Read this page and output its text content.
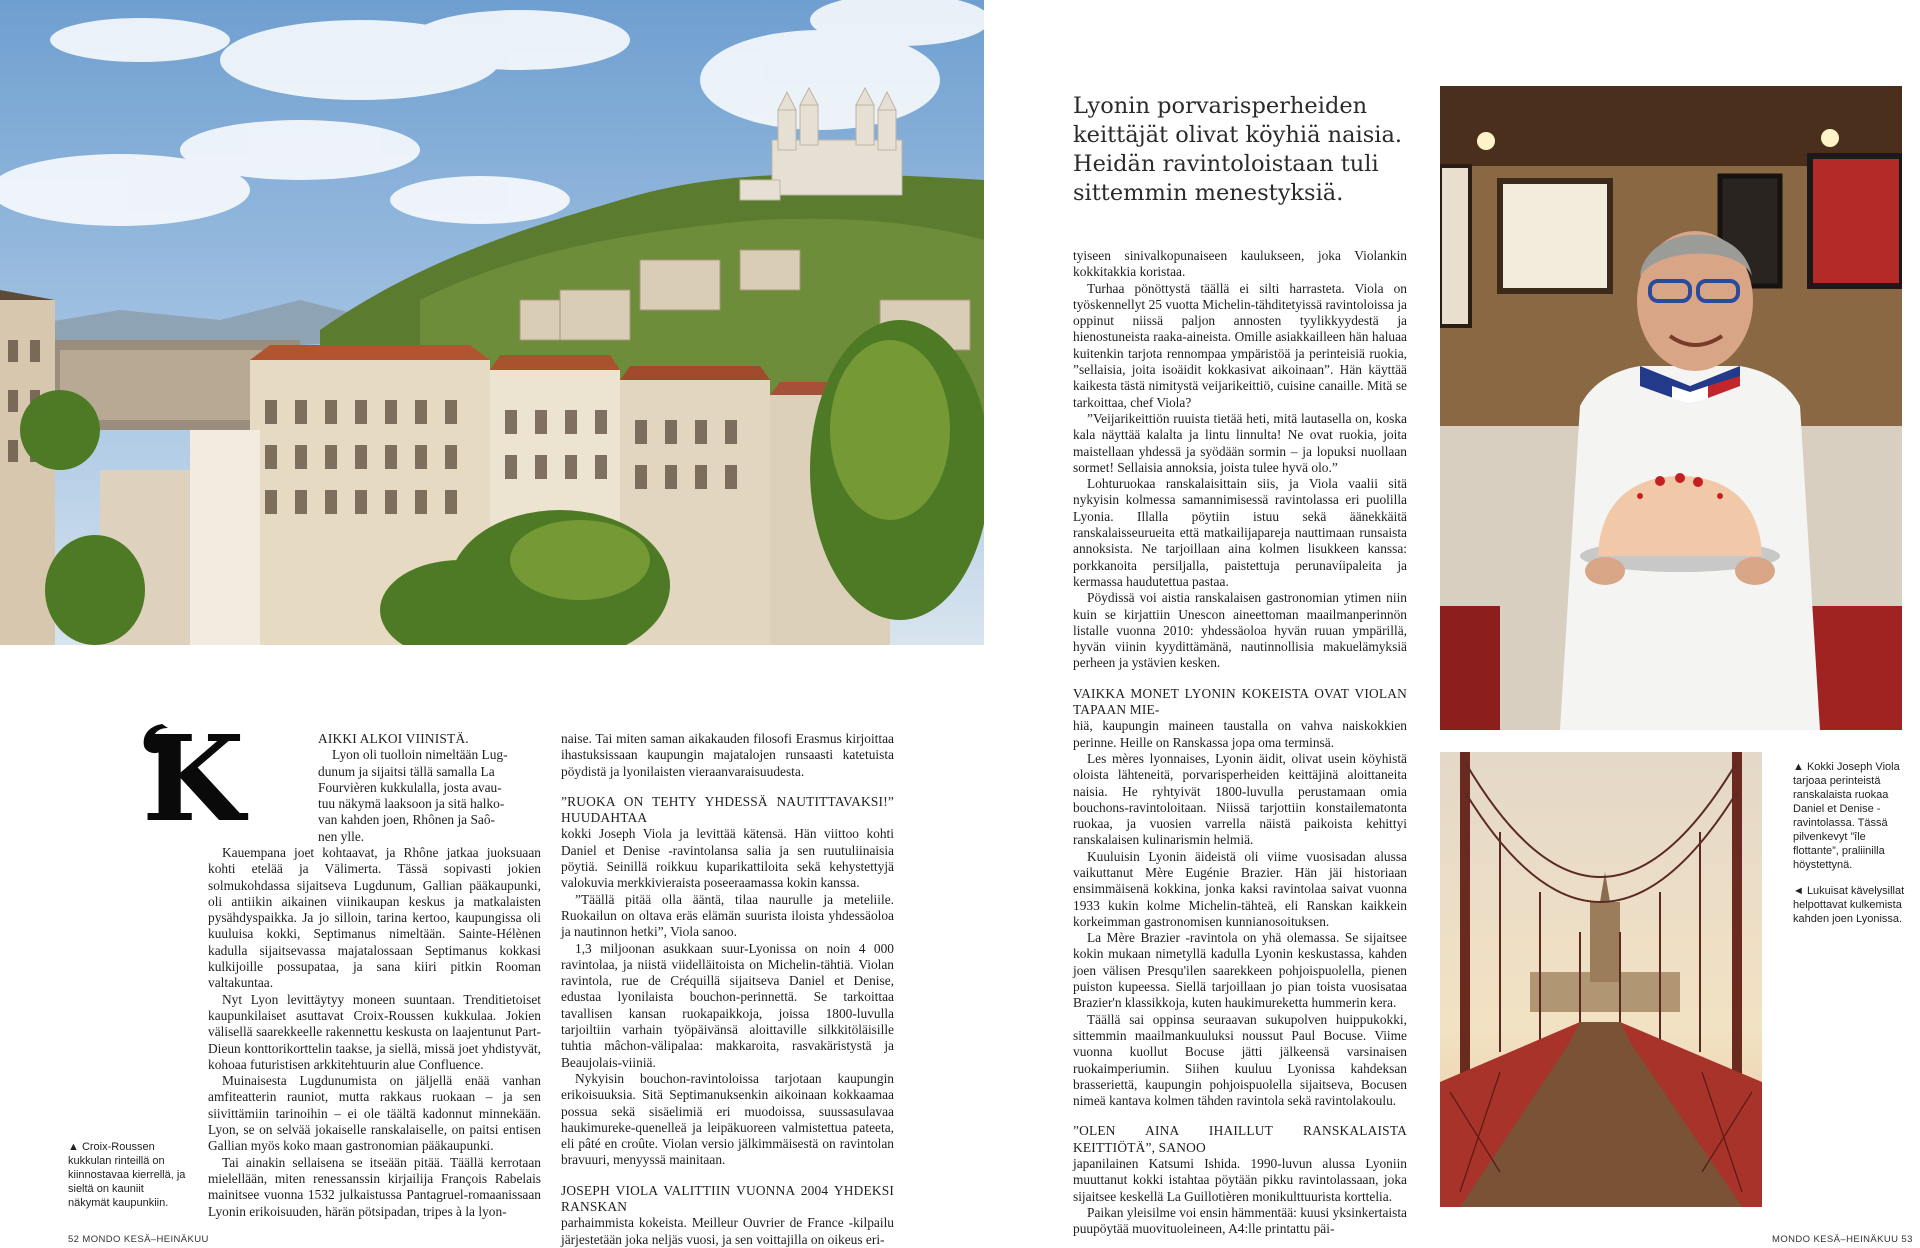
K	AIKKI ALKOI VIINISTÄ.

Lyon oli tuolloin nimeltään Lug-

dunum ja sijaitsi tällä samalla La

Fourvièren kukkulalla, josta avau-

tuu näkymä laaksoon ja sitä halko-

van kahden joen, Rhônen ja Saô-

nen ylle.

Kauempana joet kohtaavat, ja Rhône jatkaa juoksuaan kohti etelää ja Välimerta. Tässä sopivasti jokien solmukohdassa sijaitseva Lugdunum, Gallian pääkaupunki, oli antiikin aikainen viinikaupan keskus ja matkalaisten pysähdyspaikka. Ja jo silloin, tarina kertoo, kaupungissa oli kuuluisa kokki, Septimanus nimeltään. Sainte-Hélènen kadulla sijaitsevassa majatalossaan Septimanus kokkasi kulkijoille possupataa, ja sana kiiri pitkin Rooman valtakuntaa.

Nyt Lyon levittäytyy moneen suuntaan. Trenditietoiset kaupunkilaiset asuttavat Croix-Roussen kukkulaa. Jokien välisellä saarekkeelle rakennettu keskusta on laajentunut Part-Dieun konttorikorttelin taakse, ja siellä, missä joet yhdistyvät, kohoaa futuristisen arkkitehtuurin alue Confluence.

Muinaisesta Lugdunumista on jäljellä enää vanhan amfiteatterin rauniot, mutta rakkaus ruokaan – ja sen siivittämiin tarinoihin – ei ole täältä kadonnut minnekään. Lyon, se on selvää jokaiselle ranskalaiselle, on paitsi entisen Gallian myös koko maan gastronomian pääkaupunki.

Tai ainakin sellaisena se itseään pitää. Täällä kerrotaan mielellään, miten renessanssin kirjailija François Rabelais mainitsee vuonna 1532 julkaistussa Pantagruel-romaanissaan Lyonin erikoisuuden, härän pötsipadan, tripes à la lyon-

naise. Tai miten saman aikakauden filosofi Erasmus kirjoittaa ihastuksissaan kaupungin majatalojen runsaasti katetuista pöydistä ja lyonilaisten vieraanvaraisuudesta.

”RUOKA ON TEHTY YHDESSÄ NAUTITTAVAKSI!” HUUDAHTAA

kokki Joseph Viola ja levittää kätensä. Hän viittoo kohti Daniel et Denise -ravintolansa salia ja sen ruutuliinaisia pöytiä. Seinillä roikkuu kuparikattiloita sekä kehystettyjä valokuvia merkkivieraista poseeraamassa kokin kanssa.

”Täällä pitää olla ääntä, tilaa naurulle ja meteliile. Ruokailun on oltava eräs elämän suurista iloista yhdessäoloa ja nautinnon hetki”, Viola sanoo.

1,3 miljoonan asukkaan suur-Lyonissa on noin 4 000 ravintolaa, ja niistä viidelläitoista on Michelin-tähtiä. Violan ravintola, rue de Créquillä sijaitseva Daniel et Denise, edustaa lyonilaista bouchon-perinnettä. Se tarkoittaa tavallisen kansan ruokapaikkoja, joissa 1800-luvulla tarjoiltiin varhain työpäivänsä aloittaville silkkitöläisille tuhtia mâchon-välipalaa: makkaroita, rasvakäristystä ja Beaujolais-viiniä.

Nykyisin bouchon-ravintoloissa tarjotaan kaupungin erikoisuuksia. Sitä Septimanuksenkin aikoinaan kokkaamaa possua sekä sisäelimiä eri muodoissa, suussasulavaa haukimureke-quenelleä ja leipäkuoreen valmistettua pateeta, eli pâté en croûte. Violan versio jälkimmäisestä on ravintolan bravuuri, menyyssä mainitaan.

JOSEPH VIOLA VALITTIIN VUONNA 2004 YHDEKSI RANSKAN

parhaimmista kokeista. Meilleur Ouvrier de France -kilpailu järjestetään joka neljäs vuosi, ja sen voittajilla on oikeus eri-

Lyonin porvarisperheiden keittäjät olivat köyhiä naisia. Heidän ravintoloistaan tuli sittemmin menestyksiä.

tyiseen sinivalkopunaiseen kaulukseen, joka Violankin kokkitakkia koristaa.

Turhaa pönöttystä täällä ei silti harrasteta. Viola on työskennellyt 25 vuotta Michelin-tähditetyissä ravintoloissa ja oppinut niissä paljon annosten tyylikkyydestä ja hienostuneista raaka-aineista. Omille asiakkailleen hän haluaa kuitenkin tarjota rennompaa ympäristöä ja perinteisiä ruokia, ”sellaisia, joita isoäidit kokkasivat aikoinaan”. Hän käyttää kaikesta tästä nimitystä veijarikeittiö, cuisine canaille. Mitä se tarkoittaa, chef Viola?

”Veijarikeittiön ruuista tietää heti, mitä lautasella on, koska kala näyttää kalalta ja lintu linnulta! Ne ovat ruokia, joita maistellaan yhdessä ja syödään sormin – ja lopuksi nuollaan sormet! Sellaisia annoksia, joista tulee hyvä olo.”

Lohturuokaa ranskalaisittain siis, ja Viola vaalii sitä nykyisin kolmessa samannimisessä ravintolassa eri puolilla Lyonia. Illalla pöytiin istuu sekä äänekkäitä ranskalaisseurueita että matkailijapareja nauttimaan runsaista annoksista. Ne tarjoillaan aina kolmen lisukkeen kanssa: porkkanoita persiljalla, paistettuja perunavíipaleita ja kermassa haudutettua pastaa.

Pöydissä voi aistia ranskalaisen gastronomian ytimen niin kuin se kirjattiin Unescon aineettoman maailmanperinnön listalle vuonna 2010: yhdessäoloa hyvän ruuan ympärillä, hyvän viinin kyydittämänä, nautinnollisia makuelämyksiä perheen ja ystävien kesken.

VAIKKA MONET LYONIN KOKEISTA OVAT VIOLAN TAPAAN MIE-

hiä, kaupungin maineen taustalla on vahva naiskokkien perinne. Heille on Ranskassa jopa oma terminsä.

Les mères lyonnaises, Lyonin äidit, olivat usein köyhistä oloista lähteneitä, porvarisperheiden keittäjinä aloittaneita naisia. He ryhtyivät 1800-luvulla perustamaan omia bouchons-ravintoloitaan. Niissä tarjottiin konstailematonta ruokaa, ja vuosien varrella näistä paikoista kehittyi ranskalaisen kulinarismin helmiä.

Kuuluisin Lyonin äideistä oli viime vuosisadan alussa vaikuttanut Mère Eugénie Brazier. Hän jäi historiaan ensimmäisenä kokkina, jonka kaksi ravintolaa saivat vuonna 1933 kukin kolme Michelin-tähteä, eli Ranskan kaikkein korkeimman gastronomisen kunnianosoituksen.

La Mère Brazier -ravintola on yhä olemassa. Se sijaitsee kokin mukaan nimetyllä kadulla Lyonin keskustassa, kahden joen välisen Presqu'ilen saarekkeen pohjoispuolella, pienen puiston kupeessa. Siellä tarjoillaan jo pian toista vuosisataa Brazier'n klassikkoja, kuten haukimureketta hummerin kera.

Täällä sai oppinsa seuraavan sukupolven huippukokki, sittemmin maailmankuuluksi noussut Paul Bocuse. Viime vuonna kuollut Bocuse jätti jälkeensä varsinaisen ruokaimperiumin. Siihen kuuluu Lyonissa kahdeksan brasseriettä, kaupungin pohjoispuolella sijaitseva, Bocusen nimeä kantava kolmen tähden ravintola sekä ravintolakoulu.

”OLEN AINA IHAILLUT RANSKALAISTA KEITTIÖTÄ”, SANOO

japanilainen Katsumi Ishida. 1990-luvun alussa Lyoniin muuttanut kokki istahtaa pöytään pikku ravintolassaan, joka sijaitsee keskellä La Guillotièren monikulttuurista korttelia.

Paikan yleisilme voi ensin hämmentää: kuusi yksinkertaista puupöytää muovituoleineen, A4:lle printattu päi-

▲ Croix-Roussen kukkulan rinteillä on kiinnostavaa kierrellä, ja sieltä on kauniit näkymät kaupunkiin.

▲ Kokki Joseph Viola tarjoaa perinteistä ranskalaista ruokaa Daniel et Denise -ravintolassa. Tässä pilvenkevyt ”île flottante”, praliinilla höystettynä.

◄ Lukuisat kävelysillat helpottavat kulkemista kahden joen Lyonissa.

52 MONDO KESÄ–HEINÄKUU	MONDO KESÄ–HEINÄKUU 53
